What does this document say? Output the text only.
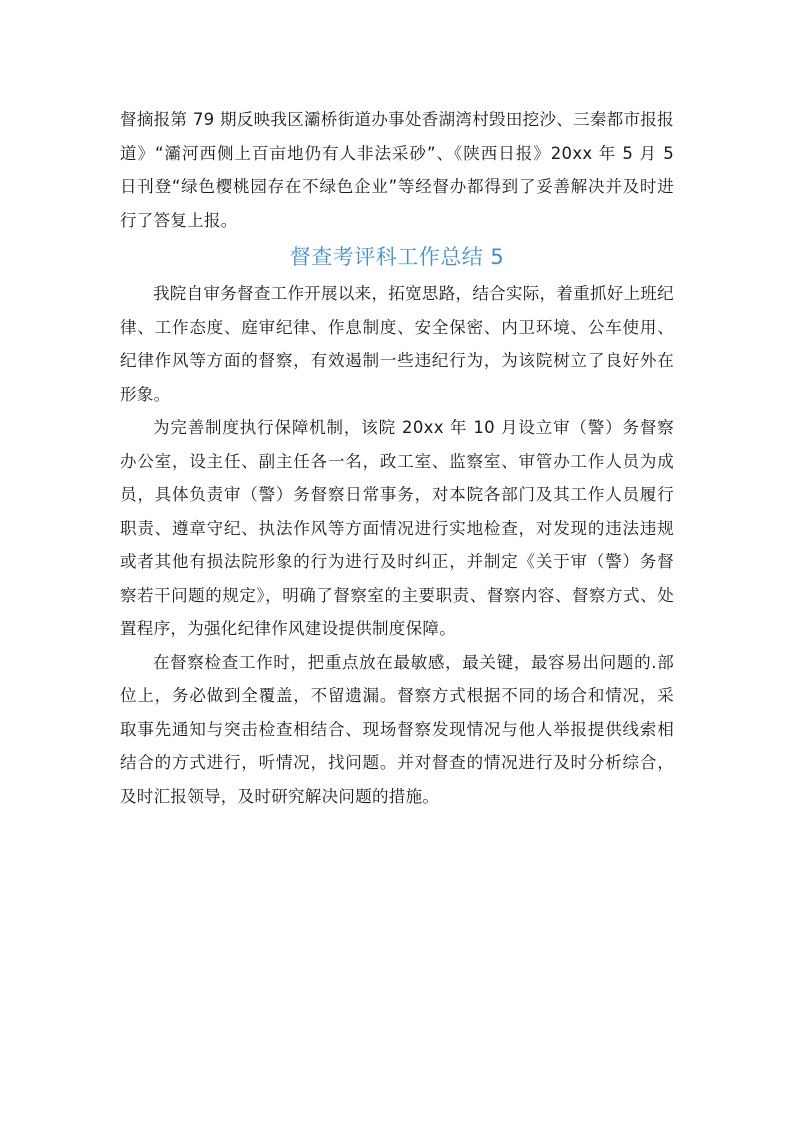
督摘报第 79 期反映我区灞桥街道办事处香湖湾村毁田挖沙、三秦都市报报道》“灞河西侧上百亩地仍有人非法采砂”、《陕西日报》20xx 年 5 月 5 日刊登“绿色樱桃园存在不绿色企业”等经督办都得到了妥善解决并及时进行了答复上报。

督查考评科工作总结 5

我院自审务督查工作开展以来，拓宽思路，结合实际，着重抓好上班纪律、工作态度、庭审纪律、作息制度、安全保密、内卫环境、公车使用、纪律作风等方面的督察，有效遏制一些违纪行为，为该院树立了良好外在形象。

为完善制度执行保障机制，该院 20xx 年 10 月设立审（警）务督察办公室，设主任、副主任各一名，政工室、监察室、审管办工作人员为成员，具体负责审（警）务督察日常事务，对本院各部门及其工作人员履行职责、遵章守纪、执法作风等方面情况进行实地检查，对发现的违法违规或者其他有损法院形象的行为进行及时纠正，并制定《关于审（警）务督察若干问题的规定》，明确了督察室的主要职责、督察内容、督察方式、处置程序，为强化纪律作风建设提供制度保障。

在督察检查工作时，把重点放在最敏感，最关键，最容易出问题的.部位上，务必做到全覆盖，不留遗漏。督察方式根据不同的场合和情况，采取事先通知与突击检查相结合、现场督察发现情况与他人举报提供线索相结合的方式进行，听情况，找问题。并对督查的情况进行及时分析综合，及时汇报领导，及时研究解决问题的措施。
